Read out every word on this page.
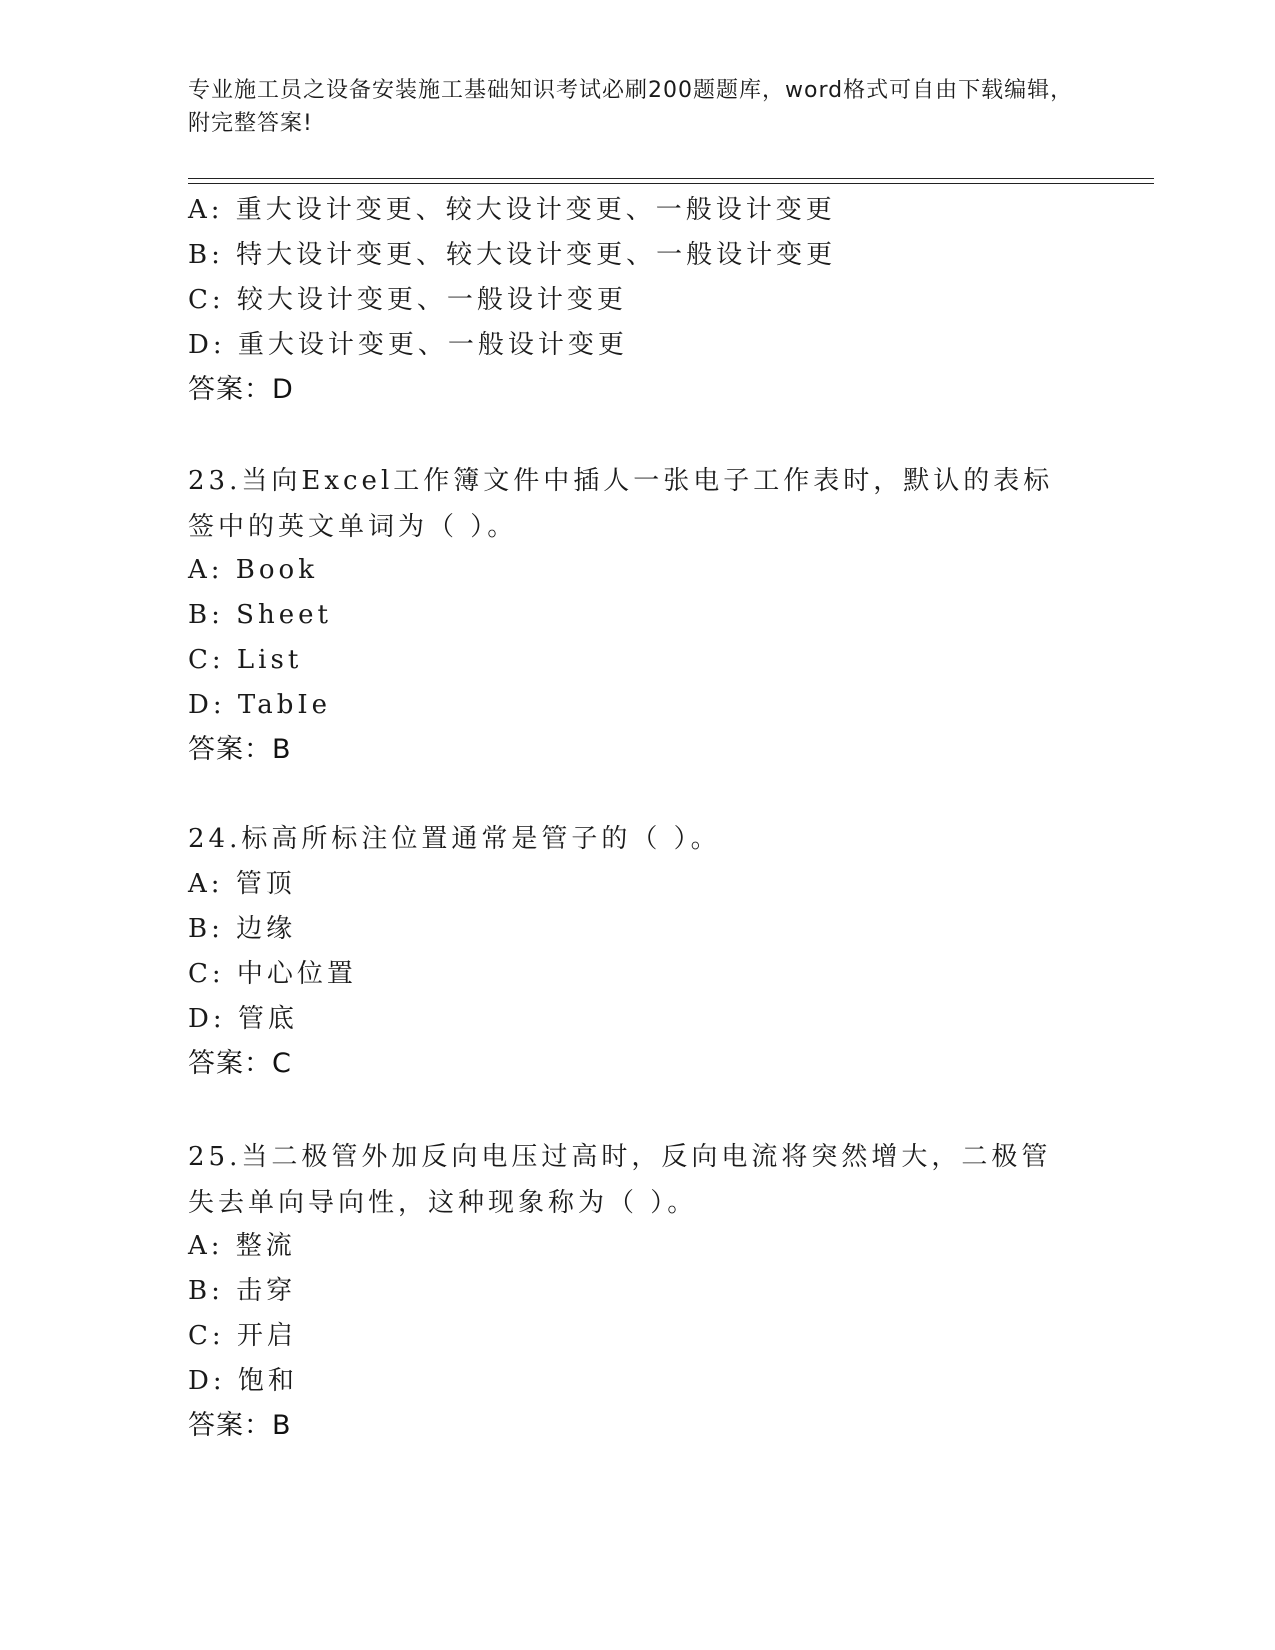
专业施工员之设备安装施工基础知识考试必刷200题题库，word格式可自由下载编辑，附完整答案!
A: 重大设计变更、较大设计变更、一般设计变更
B: 特大设计变更、较大设计变更、一般设计变更
C: 较大设计变更、一般设计变更
D: 重大设计变更、一般设计变更
答案：D
23.当向Excel工作簿文件中插人一张电子工作表时，默认的表标签中的英文单词为（ ）。
A: Book
B: Sheet
C: List
D: TabIe
答案：B
24.标高所标注位置通常是管子的（ ）。
A: 管顶
B: 边缘
C: 中心位置
D: 管底
答案：C
25.当二极管外加反向电压过高时，反向电流将突然增大，二极管失去单向导向性，这种现象称为（ ）。
A: 整流
B: 击穿
C: 开启
D: 饱和
答案：B
